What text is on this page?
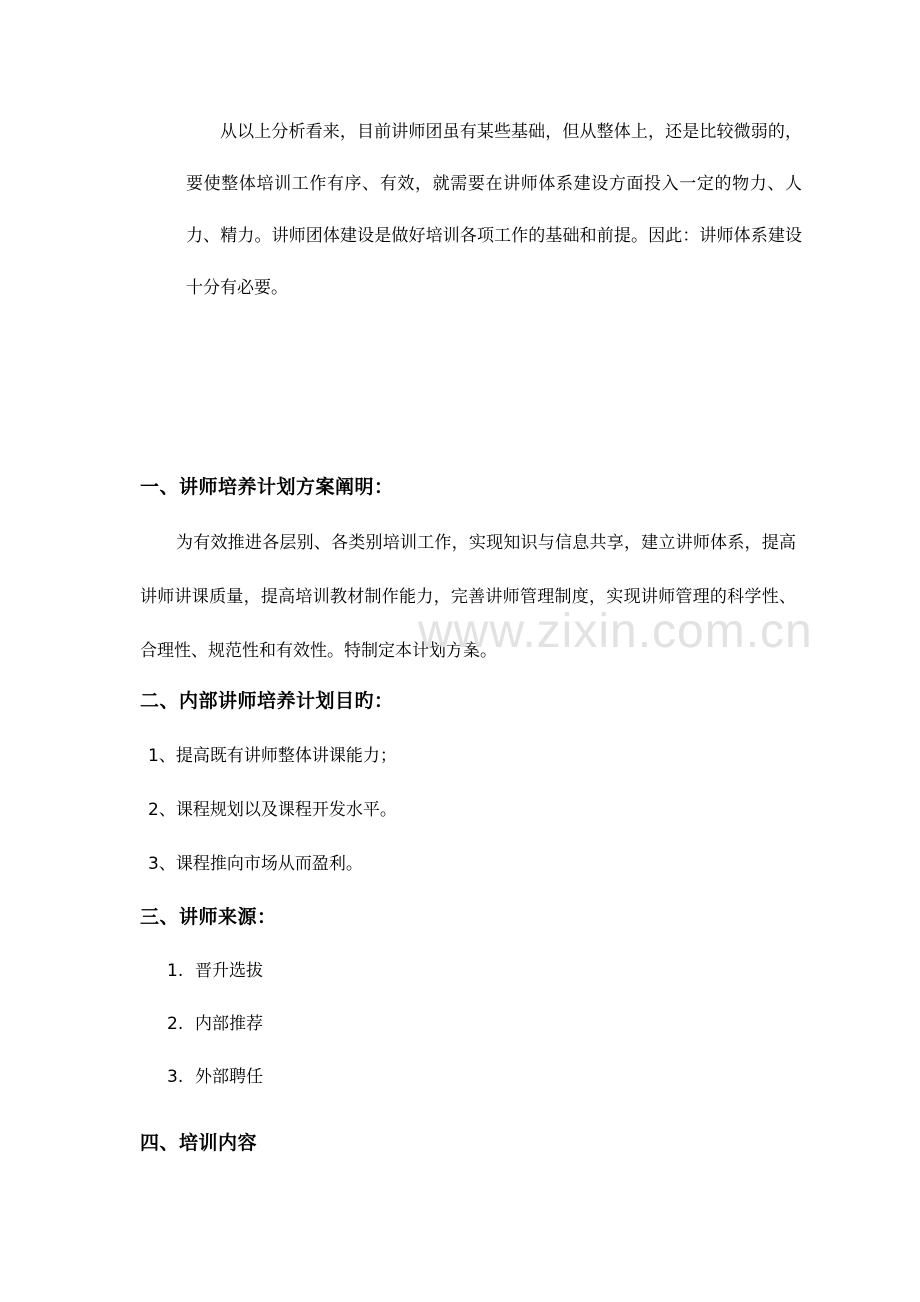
从以上分析看来，目前讲师团虽有某些基础，但从整体上，还是比较微弱的，要使整体培训工作有序、有效，就需要在讲师体系建设方面投入一定的物力、人力、精力。讲师团体建设是做好培训各项工作的基础和前提。因此：讲师体系建设十分有必要。

一、讲师培养计划方案阐明：

为有效推进各层别、各类别培训工作，实现知识与信息共享，建立讲师体系，提高讲师讲课质量，提高培训教材制作能力，完善讲师管理制度，实现讲师管理的科学性、合理性、规范性和有效性。特制定本计划方案。

二、内部讲师培养计划目旳：
1、提高既有讲师整体讲课能力；
2、课程规划以及课程开发水平。
3、课程推向市场从而盈利。
三、讲师来源：
1. 晋升选拔
2. 内部推荐
3. 外部聘任
四、培训内容
www.zixin.com.cn
